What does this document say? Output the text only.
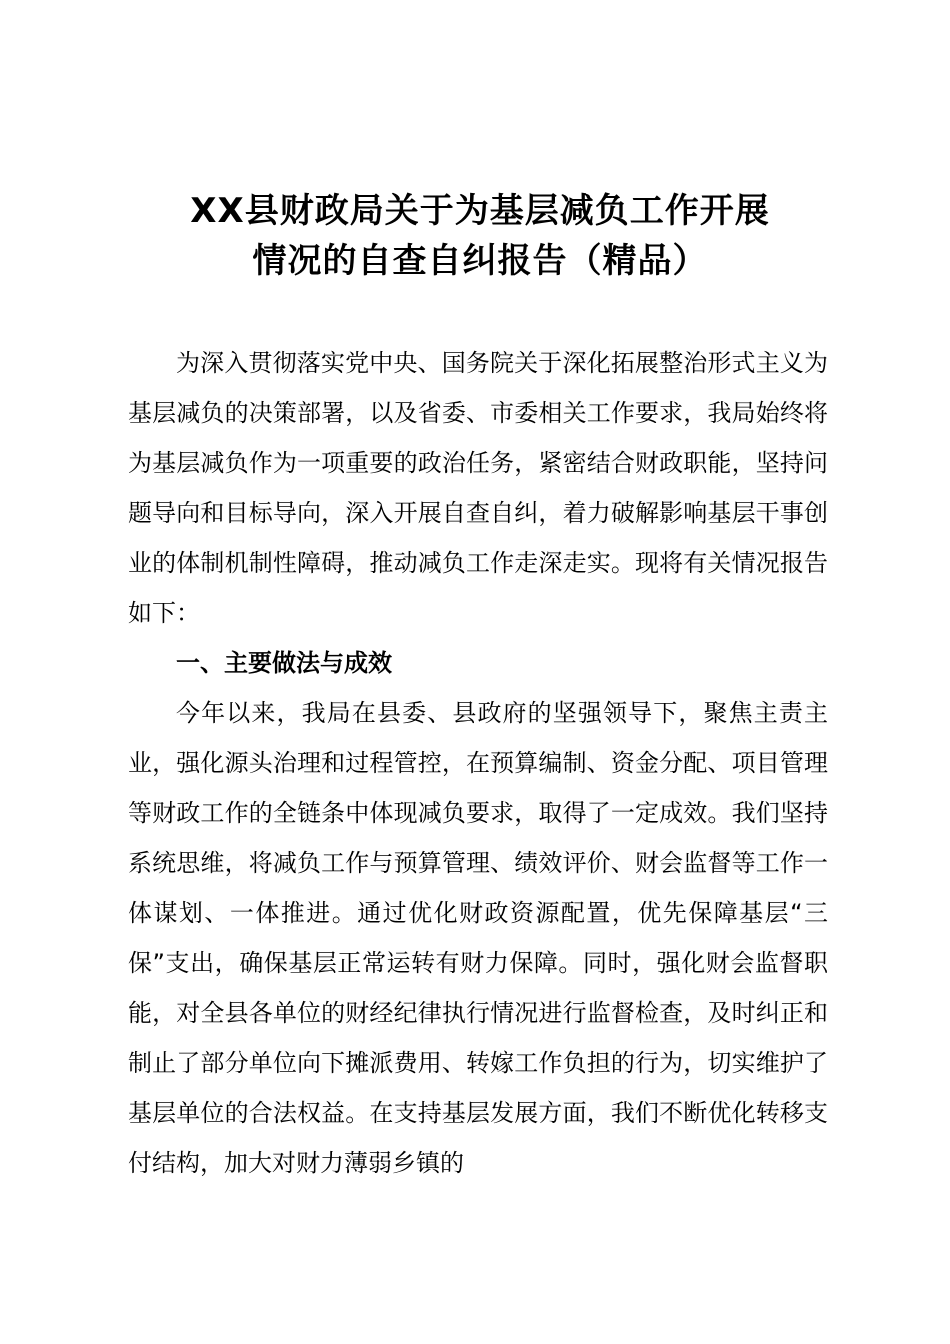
XX县财政局关于为基层减负工作开展
情况的自查自纠报告（精品）

为深入贯彻落实党中央、国务院关于深化拓展整治形式主义为基层减负的决策部署，以及省委、市委相关工作要求，我局始终将为基层减负作为一项重要的政治任务，紧密结合财政职能，坚持问题导向和目标导向，深入开展自查自纠，着力破解影响基层干事创业的体制机制性障碍，推动减负工作走深走实。现将有关情况报告如下：

一、主要做法与成效

今年以来，我局在县委、县政府的坚强领导下，聚焦主责主业，强化源头治理和过程管控，在预算编制、资金分配、项目管理等财政工作的全链条中体现减负要求，取得了一定成效。我们坚持系统思维，将减负工作与预算管理、绩效评价、财会监督等工作一体谋划、一体推进。通过优化财政资源配置，优先保障基层“三保”支出，确保基层正常运转有财力保障。同时，强化财会监督职能，对全县各单位的财经纪律执行情况进行监督检查，及时纠正和制止了部分单位向下摊派费用、转嫁工作负担的行为，切实维护了基层单位的合法权益。在支持基层发展方面，我们不断优化转移支付结构，加大对财力薄弱乡镇的
